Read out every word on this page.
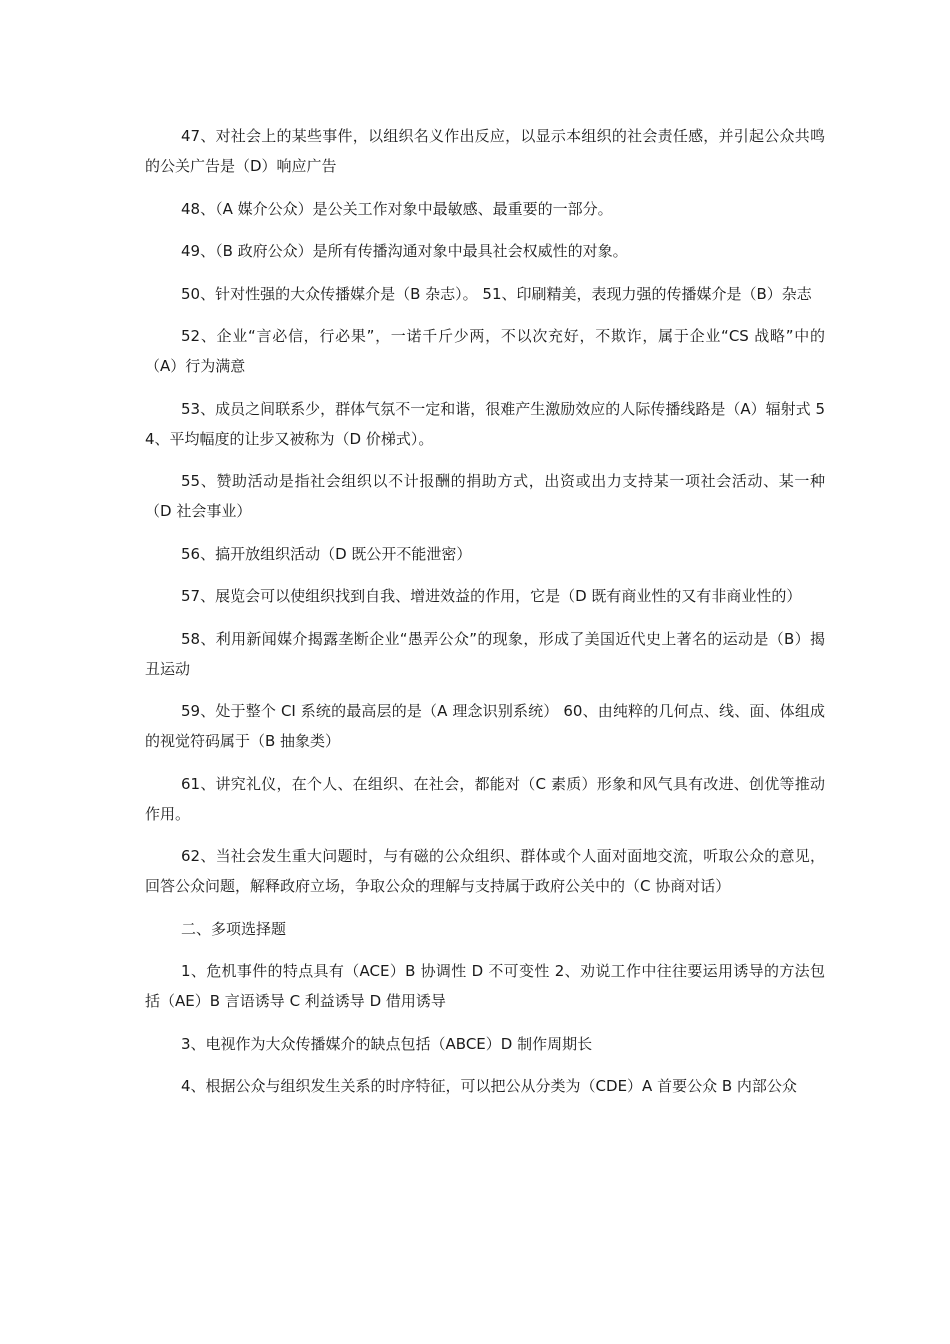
47、对社会上的某些事件，以组织名义作出反应，以显示本组织的社会责任感，并引起公众共鸣的公关广告是（D）响应广告

48、（A 媒介公众）是公关工作对象中最敏感、最重要的一部分。

49、（B 政府公众）是所有传播沟通对象中最具社会权威性的对象。

50、针对性强的大众传播媒介是（B 杂志）。 51、印刷精美，表现力强的传播媒介是（B）杂志

52、企业“言必信，行必果”，一诺千斤少两，不以次充好，不欺诈，属于企业“CS 战略”中的（A）行为满意

53、成员之间联系少，群体气氛不一定和谐，很难产生激励效应的人际传播线路是（A）辐射式 54、平均幅度的让步又被称为（D 价梯式）。

55、赞助活动是指社会组织以不计报酬的捐助方式，出资或出力支持某一项社会活动、某一种（D 社会事业）

56、搞开放组织活动（D 既公开不能泄密）

57、展览会可以使组织找到自我、增进效益的作用，它是（D 既有商业性的又有非商业性的）

58、利用新闻媒介揭露垄断企业“愚弄公众”的现象，形成了美国近代史上著名的运动是（B）揭丑运动

59、处于整个 CI 系统的最高层的是（A 理念识别系统） 60、由纯粹的几何点、线、面、体组成的视觉符码属于（B 抽象类）

61、讲究礼仪，在个人、在组织、在社会，都能对（C 素质）形象和风气具有改进、创优等推动作用。

62、当社会发生重大问题时，与有磁的公众组织、群体或个人面对面地交流，听取公众的意见，回答公众问题，解释政府立场，争取公众的理解与支持属于政府公关中的（C 协商对话）

二、多项选择题

1、危机事件的特点具有（ACE）B 协调性 D 不可变性 2、劝说工作中往往要运用诱导的方法包括（AE）B 言语诱导 C 利益诱导 D 借用诱导

3、电视作为大众传播媒介的缺点包括（ABCE）D 制作周期长

4、根据公众与组织发生关系的时序特征，可以把公从分类为（CDE）A 首要公众 B 内部公众
